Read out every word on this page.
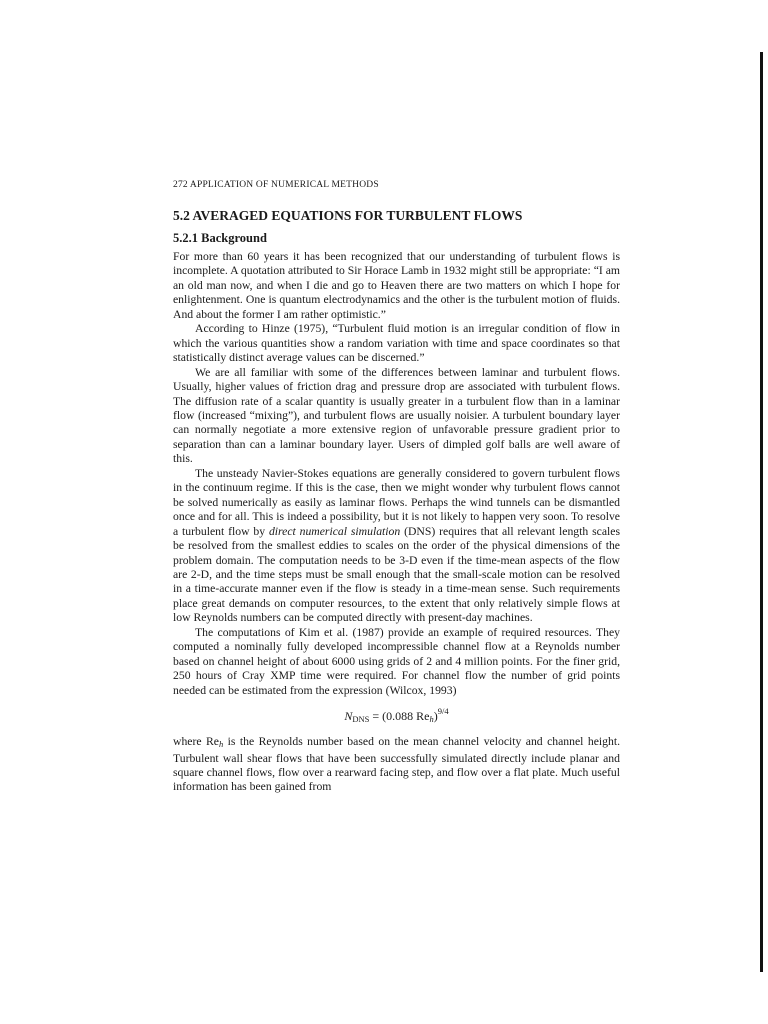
272 APPLICATION OF NUMERICAL METHODS
5.2 AVERAGED EQUATIONS FOR TURBULENT FLOWS
5.2.1 Background

For more than 60 years it has been recognized that our understanding of turbulent flows is incomplete. A quotation attributed to Sir Horace Lamb in 1932 might still be appropriate: “I am an old man now, and when I die and go to Heaven there are two matters on which I hope for enlightenment. One is quantum electrodynamics and the other is the turbulent motion of fluids. And about the former I am rather optimistic.”

According to Hinze (1975), “Turbulent fluid motion is an irregular condition of flow in which the various quantities show a random variation with time and space coordinates so that statistically distinct average values can be discerned.”

We are all familiar with some of the differences between laminar and turbulent flows. Usually, higher values of friction drag and pressure drop are associated with turbulent flows. The diffusion rate of a scalar quantity is usually greater in a turbulent flow than in a laminar flow (increased “mixing”), and turbulent flows are usually noisier. A turbulent boundary layer can normally negotiate a more extensive region of unfavorable pressure gradient prior to separation than can a laminar boundary layer. Users of dimpled golf balls are well aware of this.

The unsteady Navier-Stokes equations are generally considered to govern turbulent flows in the continuum regime. If this is the case, then we might wonder why turbulent flows cannot be solved numerically as easily as laminar flows. Perhaps the wind tunnels can be dismantled once and for all. This is indeed a possibility, but it is not likely to happen very soon. To resolve a turbulent flow by direct numerical simulation (DNS) requires that all relevant length scales be resolved from the smallest eddies to scales on the order of the physical dimensions of the problem domain. The computation needs to be 3-D even if the time-mean aspects of the flow are 2-D, and the time steps must be small enough that the small-scale motion can be resolved in a time-accurate manner even if the flow is steady in a time-mean sense. Such requirements place great demands on computer resources, to the extent that only relatively simple flows at low Reynolds numbers can be computed directly with present-day machines.

The computations of Kim et al. (1987) provide an example of required resources. They computed a nominally fully developed incompressible channel flow at a Reynolds number based on channel height of about 6000 using grids of 2 and 4 million points. For the finer grid, 250 hours of Cray XMP time were required. For channel flow the number of grid points needed can be estimated from the expression (Wilcox, 1993)

$N_{DNS} = (0.088$ $Re_h)^{9/4}$

where $Re_h$ is the Reynolds number based on the mean channel velocity and channel height. Turbulent wall shear flows that have been successfully simulated directly include planar and square channel flows, flow over a rearward facing step, and flow over a flat plate. Much useful information has been gained from
